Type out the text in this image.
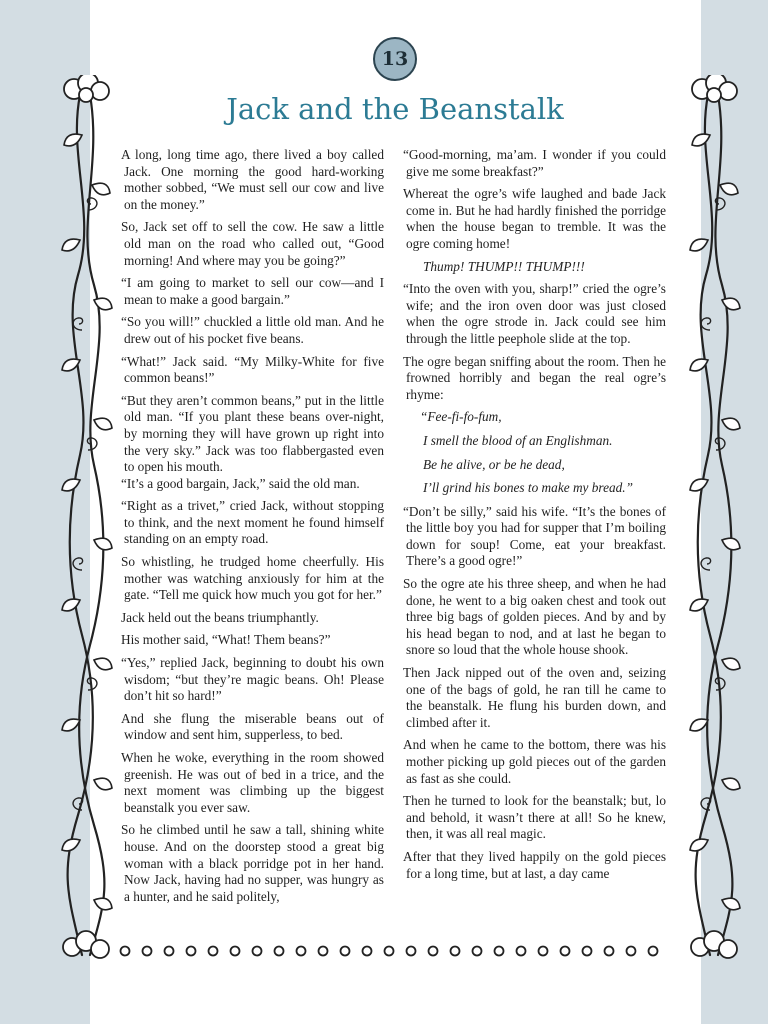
13
Jack and the Beanstalk

A long, long time ago, there lived a boy called Jack. One morning the good hard-working mother sobbed, “We must sell our cow and live on the money.”

So, Jack set off to sell the cow. He saw a little old man on the road who called out, “Good morning! And where may you be going?”

“I am going to market to sell our cow—and I mean to make a good bargain.”

“So you will!” chuckled a little old man. And he drew out of his pocket five beans.

“What!” Jack said. “My Milky-White for five common beans!”

“But they aren’t common beans,” put in the little old man. “If you plant these beans over-night, by morning they will have grown up right into the very sky.” Jack was too flabbergasted even to open his mouth.

“It’s a good bargain, Jack,” said the old man.

“Right as a trivet,” cried Jack, without stopping to think, and the next moment he found himself standing on an empty road.

So whistling, he trudged home cheerfully. His mother was watching anxiously for him at the gate. “Tell me quick how much you got for her.”

Jack held out the beans triumphantly.

His mother said, “What! Them beans?”

“Yes,” replied Jack, beginning to doubt his own wisdom; “but they’re magic beans. Oh! Please don’t hit so hard!”

And she flung the miserable beans out of window and sent him, supperless, to bed.

When he woke, everything in the room showed greenish. He was out of bed in a trice, and the next moment was climbing up the biggest beanstalk you ever saw.

So he climbed until he saw a tall, shining white house. And on the doorstep stood a great big woman with a black porridge pot in her hand. Now Jack, having had no supper, was hungry as a hunter, and he said politely,

“Good-morning, ma’am. I wonder if you could give me some breakfast?”

Whereat the ogre’s wife laughed and bade Jack come in. But he had hardly finished the porridge when the house began to tremble. It was the ogre coming home!

Thump! THUMP!! THUMP!!!

“Into the oven with you, sharp!” cried the ogre’s wife; and the iron oven door was just closed when the ogre strode in. Jack could see him through the little peephole slide at the top.

The ogre began sniffing about the room. Then he frowned horribly and began the real ogre’s rhyme:

“Fee-fi-fo-fum,

I smell the blood of an Englishman.

Be he alive, or be he dead,

I’ll grind his bones to make my bread.”

“Don’t be silly,” said his wife. “It’s the bones of the little boy you had for supper that I’m boiling down for soup! Come, eat your breakfast. There’s a good ogre!”

So the ogre ate his three sheep, and when he had done, he went to a big oaken chest and took out three big bags of golden pieces. And by and by his head began to nod, and at last he began to snore so loud that the whole house shook.

Then Jack nipped out of the oven and, seizing one of the bags of gold, he ran till he came to the beanstalk. He flung his burden down, and climbed after it.

And when he came to the bottom, there was his mother picking up gold pieces out of the garden as fast as she could.

Then he turned to look for the beanstalk; but, lo and behold, it wasn’t there at all! So he knew, then, it was all real magic.

After that they lived happily on the gold pieces for a long time, but at last, a day came
